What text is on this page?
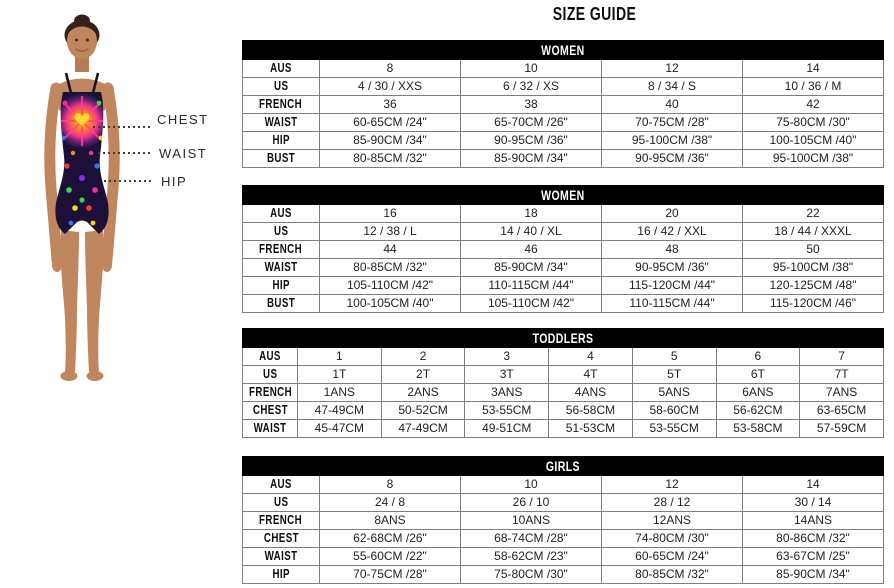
SIZE GUIDE
CHEST
WAIST
HIP
WOMEN				
AUS	8	10	12	14
US	4 / 30 / XXS	6 / 32 / XS	8 / 34 / S	10 / 36 / M
FRENCH	36	38	40	42
WAIST	60-65CM /24"	65-70CM /26"	70-75CM /28"	75-80CM /30"
HIP	85-90CM /34"	90-95CM /36"	95-100CM /38"	100-105CM /40"
BUST	80-85CM /32"	85-90CM /34"	90-95CM /36"	95-100CM /38"
WOMEN				
AUS	16	18	20	22
US	12 / 38 / L	14 / 40 / XL	16 / 42 / XXL	18 / 44 / XXXL
FRENCH	44	46	48	50
WAIST	80-85CM /32"	85-90CM /34"	90-95CM /36"	95-100CM /38"
HIP	105-110CM /42"	110-115CM /44"	115-120CM /44"	120-125CM /48"
BUST	100-105CM /40"	105-110CM /42"	110-115CM /44"	115-120CM /46"
TODDLERS							
AUS	1	2	3	4	5	6	7
US	1T	2T	3T	4T	5T	6T	7T
FRENCH	1ANS	2ANS	3ANS	4ANS	5ANS	6ANS	7ANS
CHEST	47-49CM	50-52CM	53-55CM	56-58CM	58-60CM	56-62CM	63-65CM
WAIST	45-47CM	47-49CM	49-51CM	51-53CM	53-55CM	53-58CM	57-59CM
GIRLS				
AUS	8	10	12	14
US	24 / 8	26 / 10	28 / 12	30 / 14
FRENCH	8ANS	10ANS	12ANS	14ANS
CHEST	62-68CM /26"	68-74CM /28"	74-80CM /30"	80-86CM /32"
WAIST	55-60CM /22"	58-62CM /23"	60-65CM /24"	63-67CM /25"
HIP	70-75CM /28"	75-80CM /30"	80-85CM /32"	85-90CM /34"
